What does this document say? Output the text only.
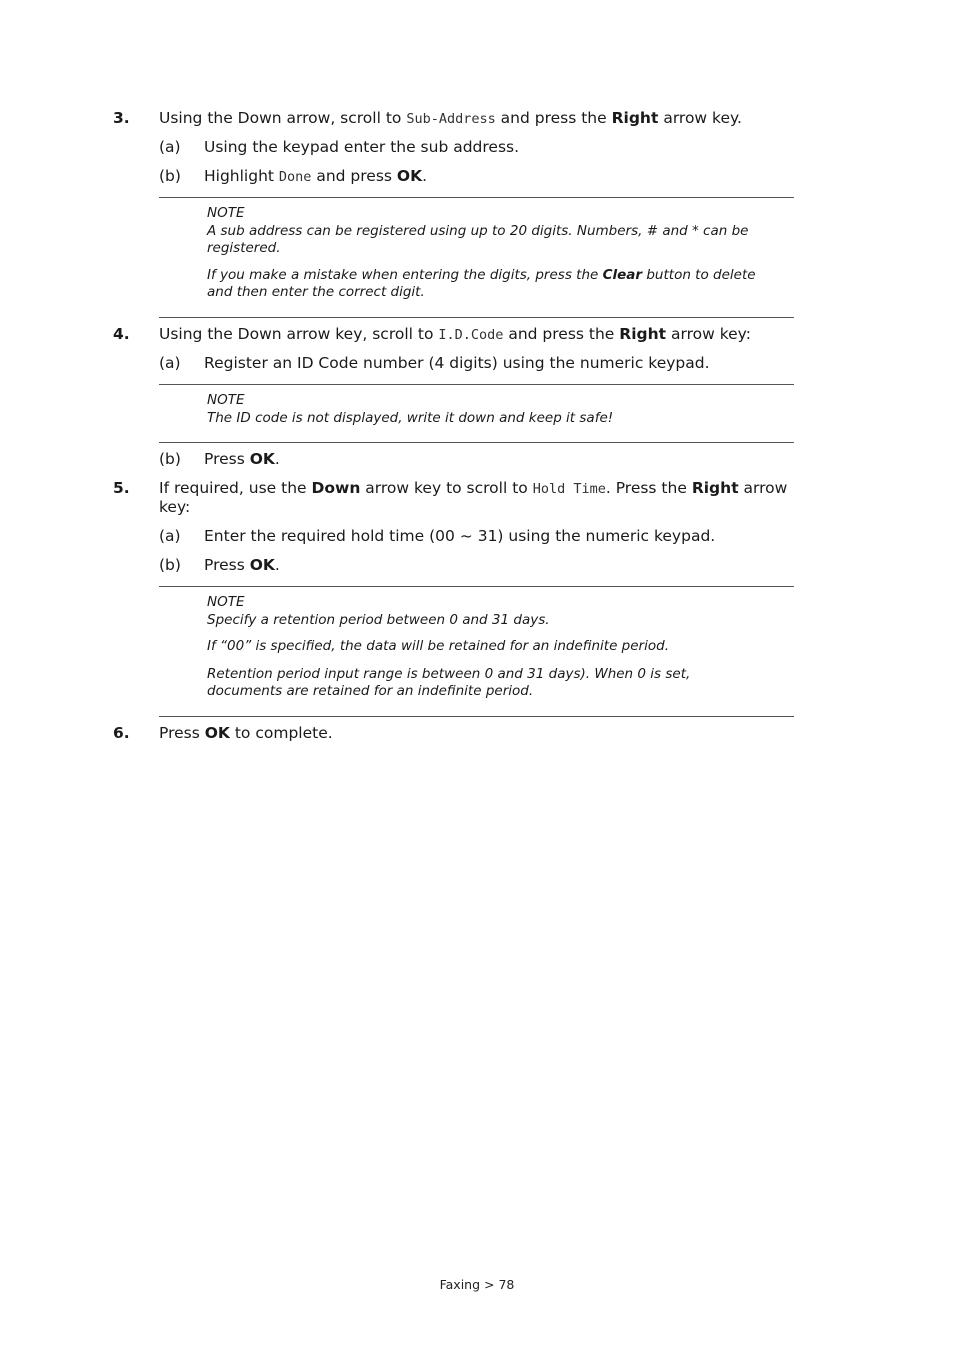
3. Using the Down arrow, scroll to Sub-Address and press the Right arrow key.
(a) Using the keypad enter the sub address.
(b) Highlight Done and press OK.
NOTE
A sub address can be registered using up to 20 digits. Numbers, # and * can be registered.
If you make a mistake when entering the digits, press the Clear button to delete and then enter the correct digit.
4. Using the Down arrow key, scroll to I.D.Code and press the Right arrow key:
(a) Register an ID Code number (4 digits) using the numeric keypad.
NOTE
The ID code is not displayed, write it down and keep it safe!
(b) Press OK.
5. If required, use the Down arrow key to scroll to Hold Time. Press the Right arrow
key:
(a) Enter the required hold time (00 ~ 31) using the numeric keypad.
(b) Press OK.
NOTE
Specify a retention period between 0 and 31 days.
If “00” is specified, the data will be retained for an indefinite period.
Retention period input range is between 0 and 31 days). When 0 is set, documents are retained for an indefinite period.
6. Press OK to complete.
Faxing > 78
